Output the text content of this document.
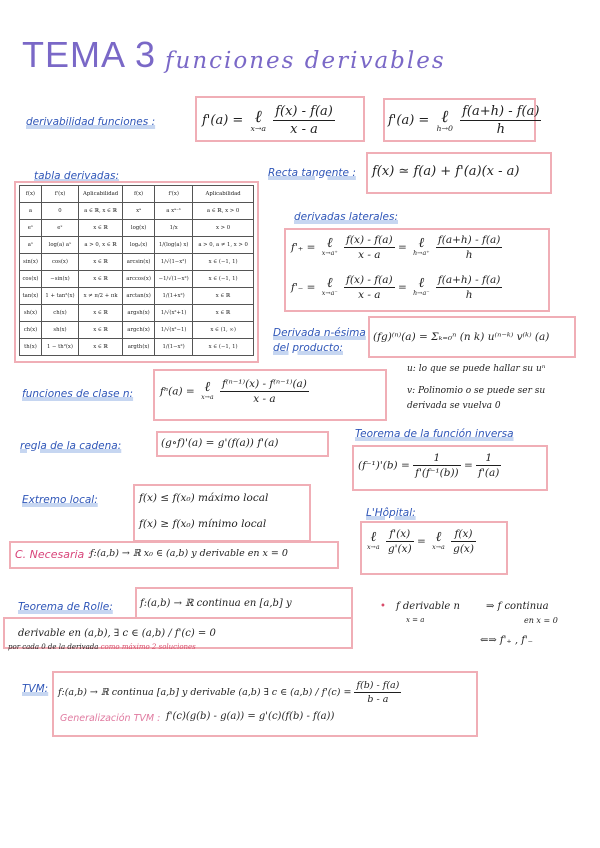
TEMA 3 funciones derivables
derivabilidad funciones :	f'(a) = ℓ
x→a
$\frac{f(x) - f(a)}{x - a}$	f'(a) = ℓ
h→0
$\frac{f(a+h) - f(a)}{h}$
tabla derivadas:
f(x)	f'(x)	Aplicabilidad	f(x)	f'(x)	Aplicabilidad
a	0	a ∈ ℝ, x ∈ ℝ	xᵃ	a xᵃ⁻¹	a ∈ ℝ, x > 0
eˣ	eˣ	x ∈ ℝ	log(x)	1/x	x > 0
aˣ	log(a) aˣ	a > 0, x ∈ ℝ	logₐ(x)	1/(log(a) x)	a > 0, a ≠ 1, x > 0
sin(x)	cos(x)	x ∈ ℝ	arcsin(x)	1/√(1−x²)	x ∈ (−1, 1)
cos(x)	−sin(x)	x ∈ ℝ	arccos(x)	−1/√(1−x²)	x ∈ (−1, 1)
tan(x)	1 + tan²(x)	x ≠ π/2 + πk	arctan(x)	1/(1+x²)	x ∈ ℝ
sh(x)	ch(x)	x ∈ ℝ	argsh(x)	1/√(x²+1)	x ∈ ℝ
ch(x)	sh(x)	x ∈ ℝ	argch(x)	1/√(x²−1)	x ∈ (1, ∞)
th(x)	1 − th²(x)	x ∈ ℝ	argth(x)	1/(1−x²)	x ∈ (−1, 1)
Recta tangente : f(x) ≃ f(a) + f'(a)(x - a)
derivadas laterales:
f'₊ = ℓ
x→a⁺
$\frac{f(x) - f(a)}{x - a}$ = ℓ
h→a⁺
$\frac{f(a+h) - f(a)}{h}$
f'₋ = ℓ
x→a⁻
$\frac{f(x) - f(a)}{x - a}$ = ℓ
h→a⁻
$\frac{f(a+h) - f(a)}{h}$
Derivada n-ésima
del producto:
(fg)⁽ⁿ⁾(a) = Σₖ₌₀ⁿ (n k) u⁽ⁿ⁻ᵏ⁾ v⁽ᵏ⁾ (a)
u: lo que se puede hallar su uⁿ
v: Polinomio o se puede ser su
derivada se vuelva 0
funciones de clase n:	fⁿ(a) = ℓ
x→a
$\frac{\text{f⁽ⁿ⁻¹⁾(x) - f⁽ⁿ⁻¹⁾(a)}}{x - a}$
regla de la cadena:	(g∘f)'(a) = g'(f(a)) f'(a)
Teorema de la función inversa
$(f^{-1})'(b) = \frac{1}{\text{f'(f⁻¹(b))}} = \frac{1}{f'(a)}$
Extremo local:	f(x) ≤ f(x₀) máximo local
f(x) ≥ f(x₀) mínimo local
L'Hôpital:
ℓ
x→a
$\frac{f'(x)}{g'(x)}$ = ℓ
x→a
$\frac{f(x)}{g(x)}$
C. Necesaria :
f:(a,b) → ℝ x₀ ∈ (a,b) y derivable en x = 0
Teorema de Rolle:	f:(a,b) → ℝ continua en [a,b] y
derivable en (a,b), ∃ c ∈ (a,b) / f'(c) = 0
por cada 0 de la derivada como máximo 2 soluciones
• f derivable n
x = a
⇒ f continua
en x = 0
⇐⇒ f'₊ , f'₋
TVM: f:(a,b) → ℝ continua [a,b] y derivable (a,b) ∃ c ∈ $(a,b) / f'(c) = \frac{f(b) - f(a)}{b - a}$
Generalización TVM : f'(c)(g(b) - g(a)) = g'(c)(f(b) - f(a))
